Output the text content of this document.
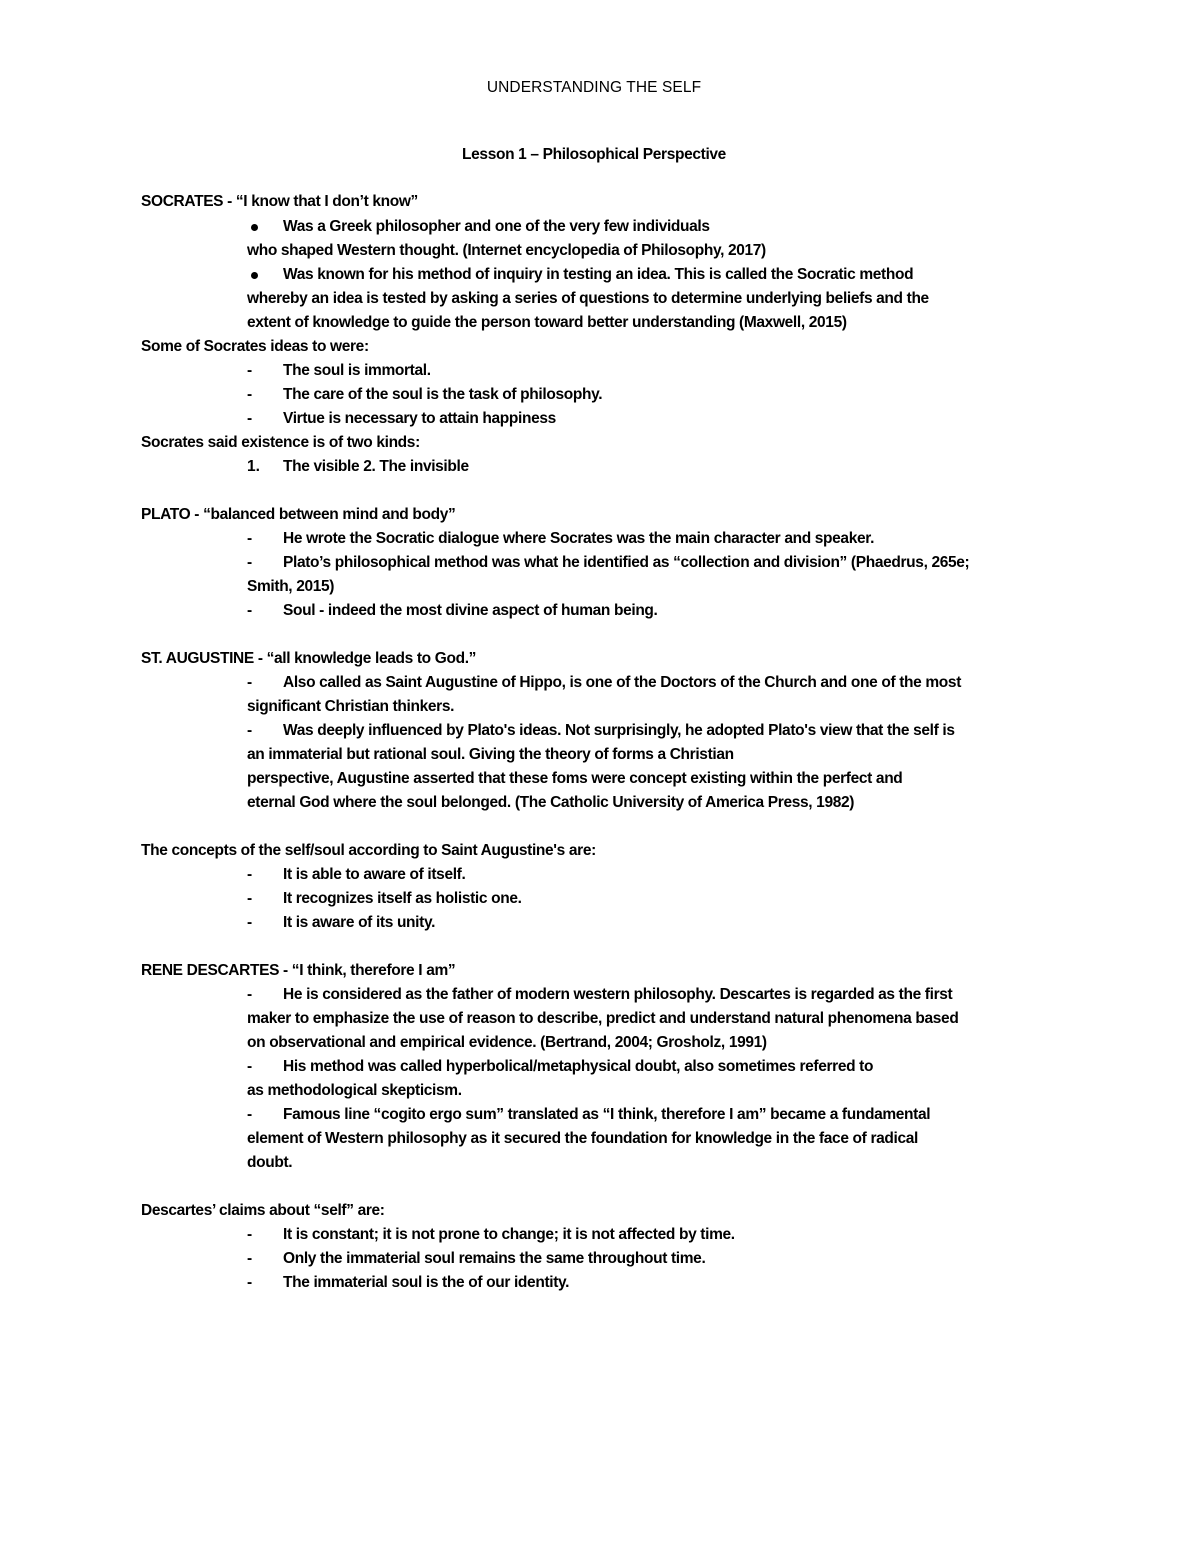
UNDERSTANDING THE SELF
Lesson 1 – Philosophical Perspective
SOCRATES - “I know that I don’t know”
Was a Greek philosopher and one of the very few individuals
who shaped Western thought. (Internet encyclopedia of Philosophy, 2017)
Was known for his method of inquiry in testing an idea. This is called the Socratic method
whereby an idea is tested by asking a series of questions to determine underlying beliefs and the
extent of knowledge to guide the person toward better understanding (Maxwell, 2015)
Some of Socrates ideas to were:
- The soul is immortal.
- The care of the soul is the task of philosophy.
- Virtue is necessary to attain happiness
Socrates said existence is of two kinds:
1. The visible 2. The invisible
PLATO - “balanced between mind and body”
- He wrote the Socratic dialogue where Socrates was the main character and speaker.
- Plato’s philosophical method was what he identified as “collection and division” (Phaedrus, 265e;
Smith, 2015)
- Soul - indeed the most divine aspect of human being.
ST. AUGUSTINE - “all knowledge leads to God.”
- Also called as Saint Augustine of Hippo, is one of the Doctors of the Church and one of the most
significant Christian thinkers.
- Was deeply influenced by Plato's ideas. Not surprisingly, he adopted Plato's view that the self is
an immaterial but rational soul. Giving the theory of forms a Christian
perspective, Augustine asserted that these foms were concept existing within the perfect and
eternal God where the soul belonged. (The Catholic University of America Press, 1982)
The concepts of the self/soul according to Saint Augustine's are:
- It is able to aware of itself.
- It recognizes itself as holistic one.
- It is aware of its unity.
RENE DESCARTES - “I think, therefore I am”
- He is considered as the father of modern western philosophy. Descartes is regarded as the first
maker to emphasize the use of reason to describe, predict and understand natural phenomena based
on observational and empirical evidence. (Bertrand, 2004; Grosholz, 1991)
- His method was called hyperbolical/metaphysical doubt, also sometimes referred to
as methodological skepticism.
- Famous line “cogito ergo sum” translated as “I think, therefore I am” became a fundamental
element of Western philosophy as it secured the foundation for knowledge in the face of radical
doubt.
Descartes’ claims about “self” are:
- It is constant; it is not prone to change; it is not affected by time.
- Only the immaterial soul remains the same throughout time.
- The immaterial soul is the of our identity.
